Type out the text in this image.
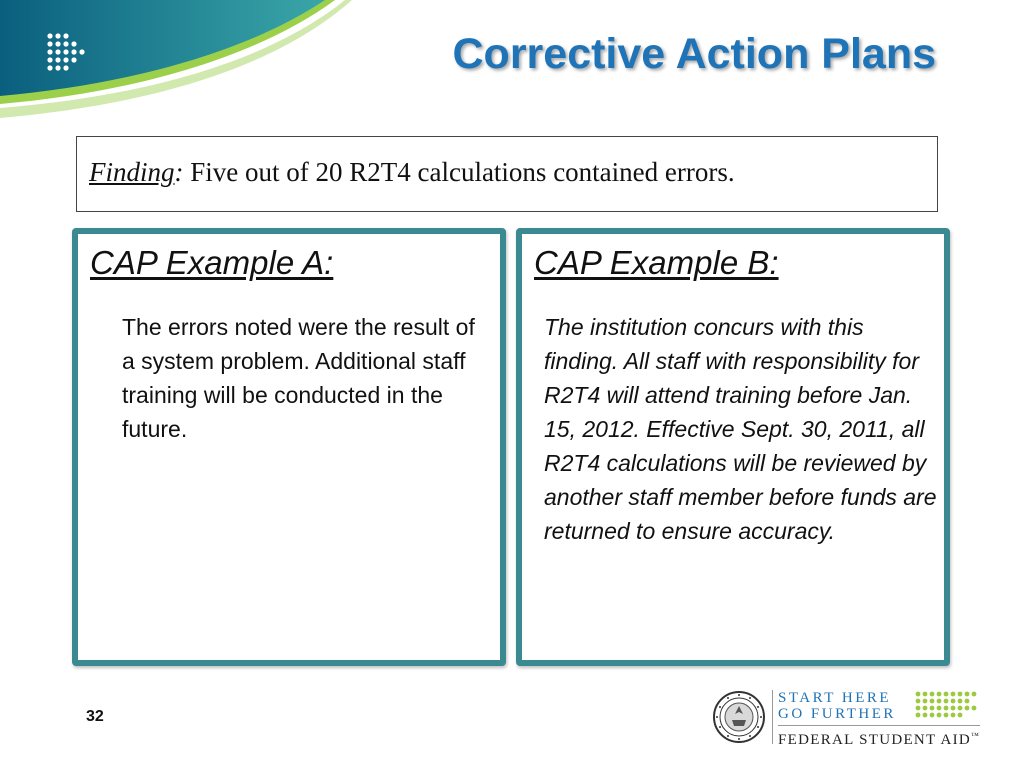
Corrective Action Plans
Finding: Five out of 20 R2T4 calculations contained errors.
CAP Example A:
The errors noted were the result of a system problem. Additional staff training will be conducted in the future.
CAP Example B:
The institution concurs with this finding. All staff with responsibility for R2T4 will attend training before Jan. 15, 2012. Effective Sept. 30, 2011, all R2T4 calculations will be reviewed by another staff member before funds are returned to ensure accuracy.
32
START HERE
GO FURTHER
FEDERAL STUDENT AID™
